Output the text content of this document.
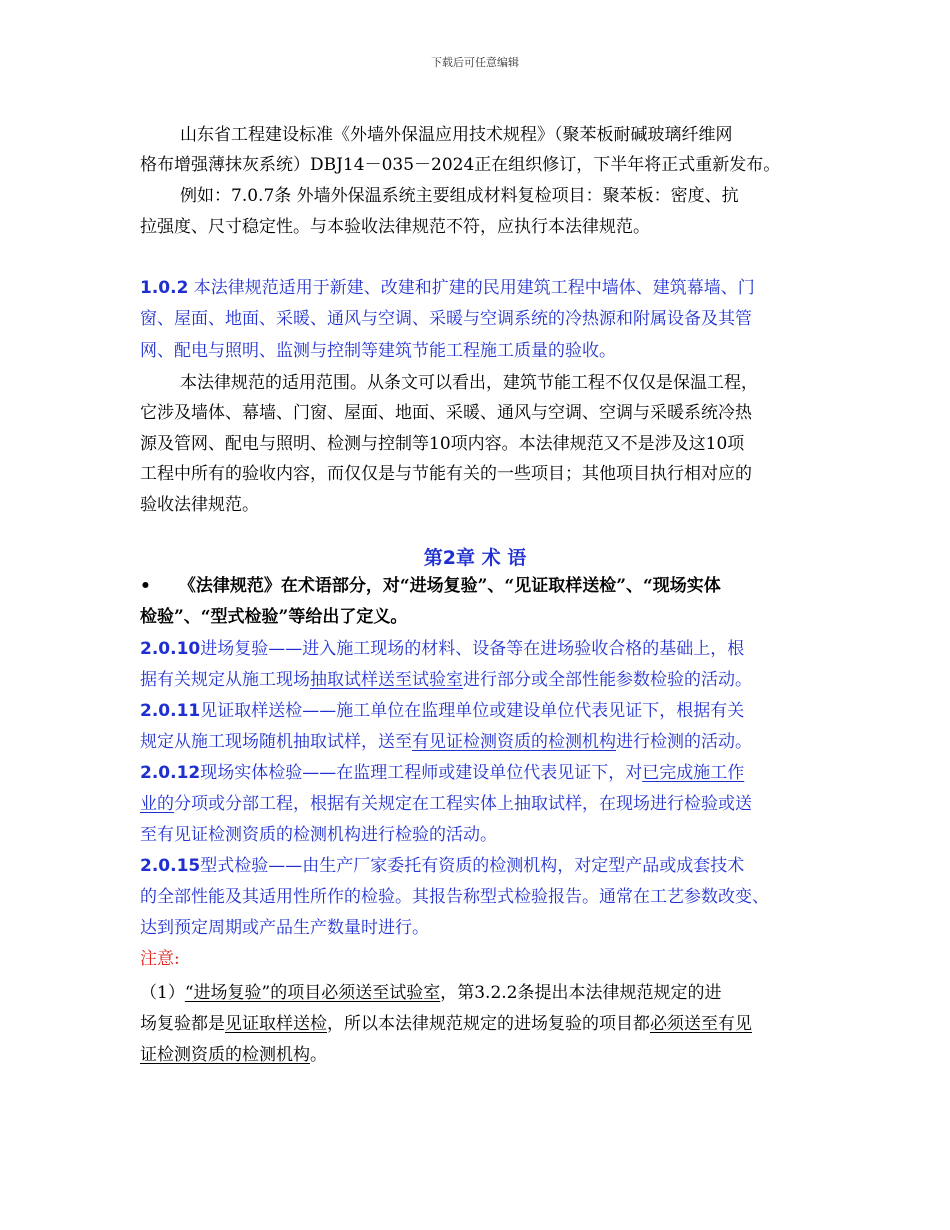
下载后可任意编辑
山东省工程建设标准《外墙外保温应用技术规程》（聚苯板耐碱玻璃纤维网
格布增强薄抹灰系统）DBJ14－035－2024正在组织修订，下半年将正式重新发布。
例如：7.0.7条 外墙外保温系统主要组成材料复检项目：聚苯板：密度、抗
拉强度、尺寸稳定性。与本验收法律规范不符，应执行本法律规范。
1.0.2 本法律规范适用于新建、改建和扩建的民用建筑工程中墙体、建筑幕墙、门
窗、屋面、地面、采暖、通风与空调、采暖与空调系统的冷热源和附属设备及其管
网、配电与照明、监测与控制等建筑节能工程施工质量的验收。
本法律规范的适用范围。从条文可以看出，建筑节能工程不仅仅是保温工程，
它涉及墙体、幕墙、门窗、屋面、地面、采暖、通风与空调、空调与采暖系统冷热
源及管网、配电与照明、检测与控制等10项内容。本法律规范又不是涉及这10项
工程中所有的验收内容，而仅仅是与节能有关的一些项目；其他项目执行相对应的
验收法律规范。
第2章 术 语
• 《法律规范》在术语部分，对“进场复验”、“见证取样送检”、“现场实体
检验”、“型式检验”等给出了定义。
2.0.10进场复验——进入施工现场的材料、设备等在进场验收合格的基础上，根
据有关规定从施工现场抽取试样送至试验室进行部分或全部性能参数检验的活动。
2.0.11见证取样送检——施工单位在监理单位或建设单位代表见证下，根据有关
规定从施工现场随机抽取试样，送至有见证检测资质的检测机构进行检测的活动。
2.0.12现场实体检验——在监理工程师或建设单位代表见证下，对已完成施工作
业的分项或分部工程，根据有关规定在工程实体上抽取试样，在现场进行检验或送
至有见证检测资质的检测机构进行检验的活动。
2.0.15型式检验——由生产厂家委托有资质的检测机构，对定型产品或成套技术
的全部性能及其适用性所作的检验。其报告称型式检验报告。通常在工艺参数改变、
达到预定周期或产品生产数量时进行。
注意:
（1）“进场复验”的项目必须送至试验室，第3.2.2条提出本法律规范规定的进
场复验都是见证取样送检，所以本法律规范规定的进场复验的项目都必须送至有见
证检测资质的检测机构。
